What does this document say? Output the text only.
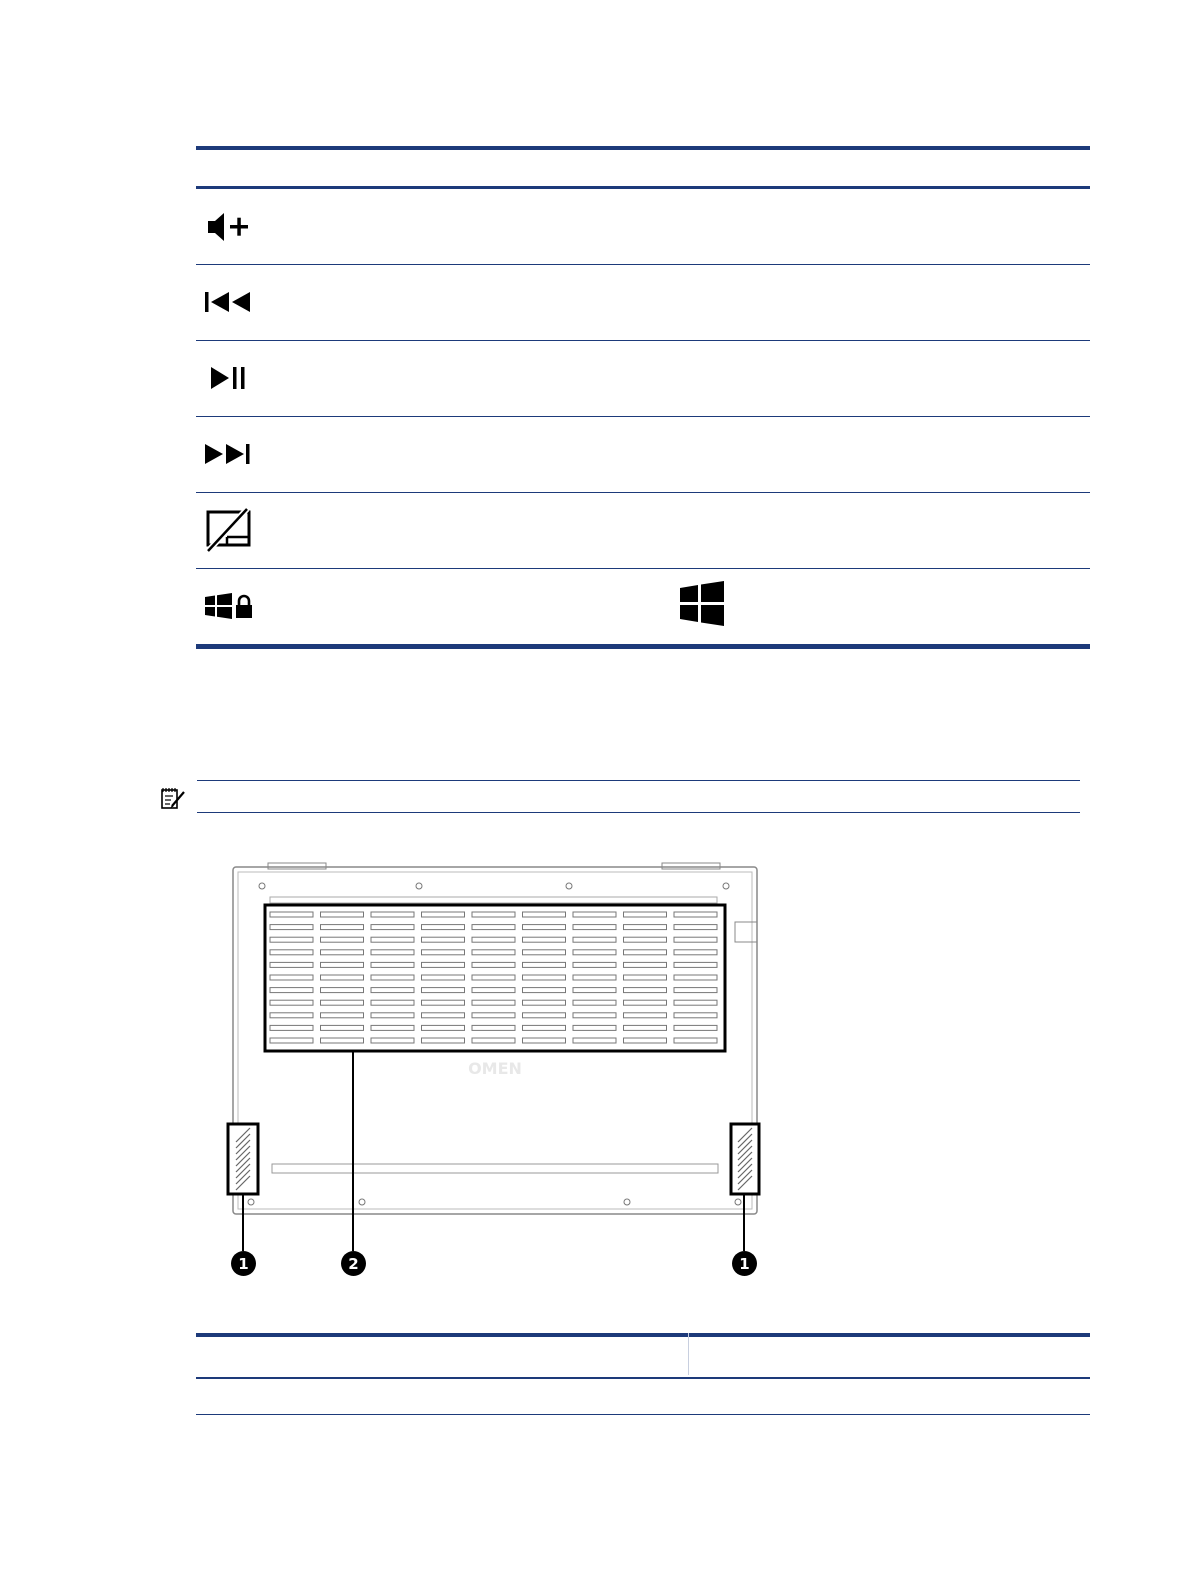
OMEN
1	2	1
